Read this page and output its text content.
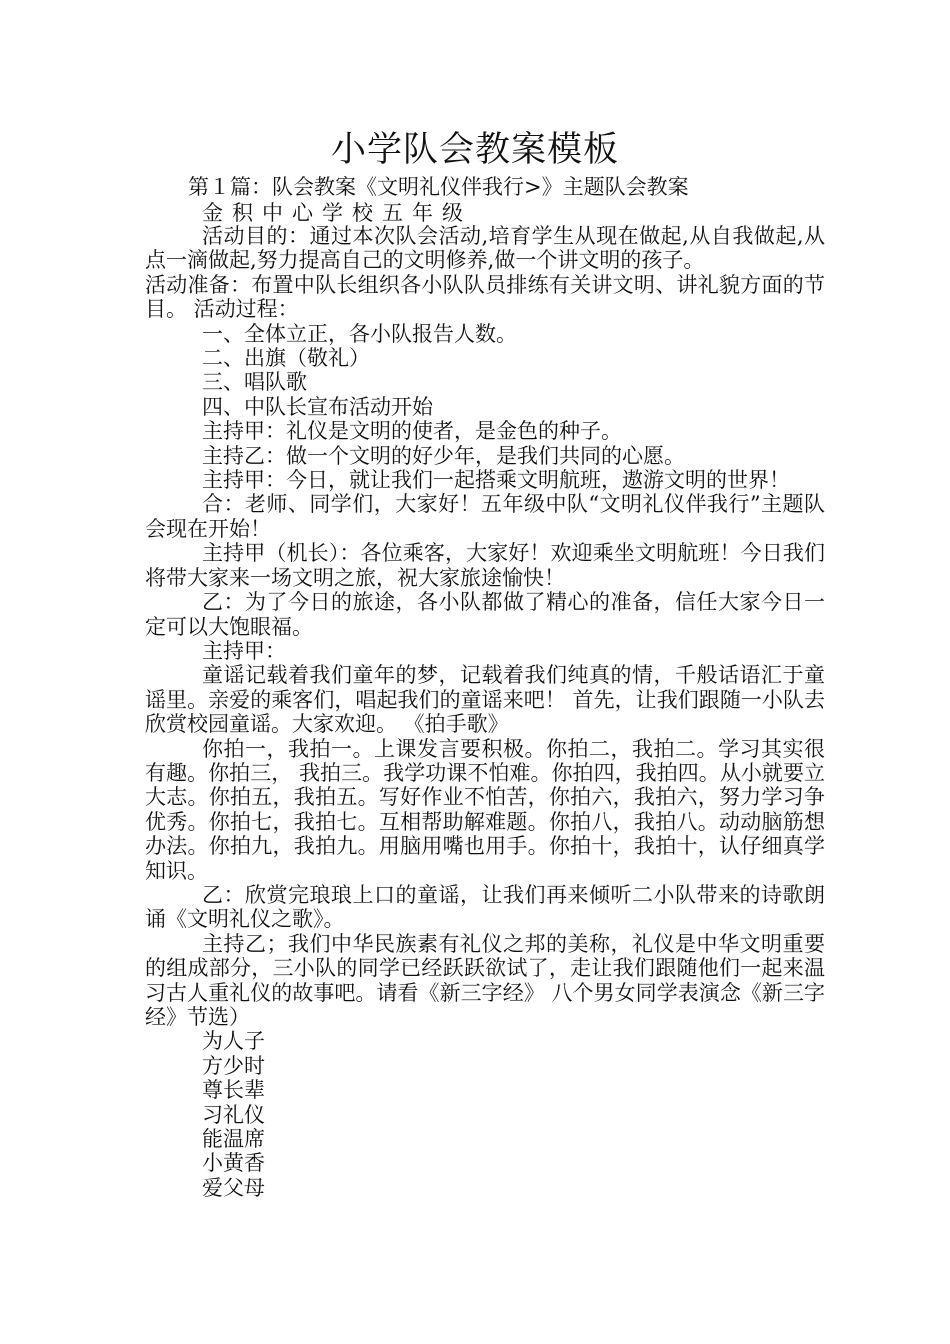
小学队会教案模板
第１篇：队会教案《文明礼仪伴我行>》主题队会教案
金积中心学校五年级

活动目的：通过本次队会活动,培育学生从现在做起,从自我做起,从点一滴做起,努力提高自己的文明修养,做一个讲文明的孩子。

活动准备：布置中队长组织各小队队员排练有关讲文明、讲礼貌方面的节目。 活动过程：

一、全体立正，各小队报告人数。

二、出旗（敬礼）

三、唱队歌

四、中队长宣布活动开始

主持甲：礼仪是文明的使者，是金色的种子。

主持乙：做一个文明的好少年，是我们共同的心愿。

主持甲：今日，就让我们一起搭乘文明航班，遨游文明的世界！

合：老师、同学们，大家好！五年级中队“文明礼仪伴我行”主题队会现在开始！

主持甲（机长）：各位乘客，大家好！欢迎乘坐文明航班！今日我们将带大家来一场文明之旅，祝大家旅途愉快！

乙：为了今日的旅途，各小队都做了精心的准备，信任大家今日一定可以大饱眼福。

主持甲：

童谣记载着我们童年的梦，记载着我们纯真的情，千般话语汇于童谣里。亲爱的乘客们，唱起我们的童谣来吧！ 首先，让我们跟随一小队去欣赏校园童谣。大家欢迎。 《拍手歌》

你拍一，我拍一。上课发言要积极。你拍二，我拍二。学习其实很有趣。你拍三， 我拍三。我学功课不怕难。你拍四，我拍四。从小就要立大志。你拍五，我拍五。写好作业不怕苦，你拍六，我拍六，努力学习争优秀。你拍七，我拍七。互相帮助解难题。你拍八，我拍八。动动脑筋想办法。你拍九，我拍九。用脑用嘴也用手。你拍十，我拍十，认仔细真学知识。

乙：欣赏完琅琅上口的童谣，让我们再来倾听二小队带来的诗歌朗诵《文明礼仪之歌》。

主持乙；我们中华民族素有礼仪之邦的美称，礼仪是中华文明重要的组成部分，三小队的同学已经跃跃欲试了，走让我们跟随他们一起来温习古人重礼仪的故事吧。请看《新三字经》 八个男女同学表演念《新三字经》节选）

为人子

方少时

尊长辈

习礼仪

能温席

小黄香

爱父母
